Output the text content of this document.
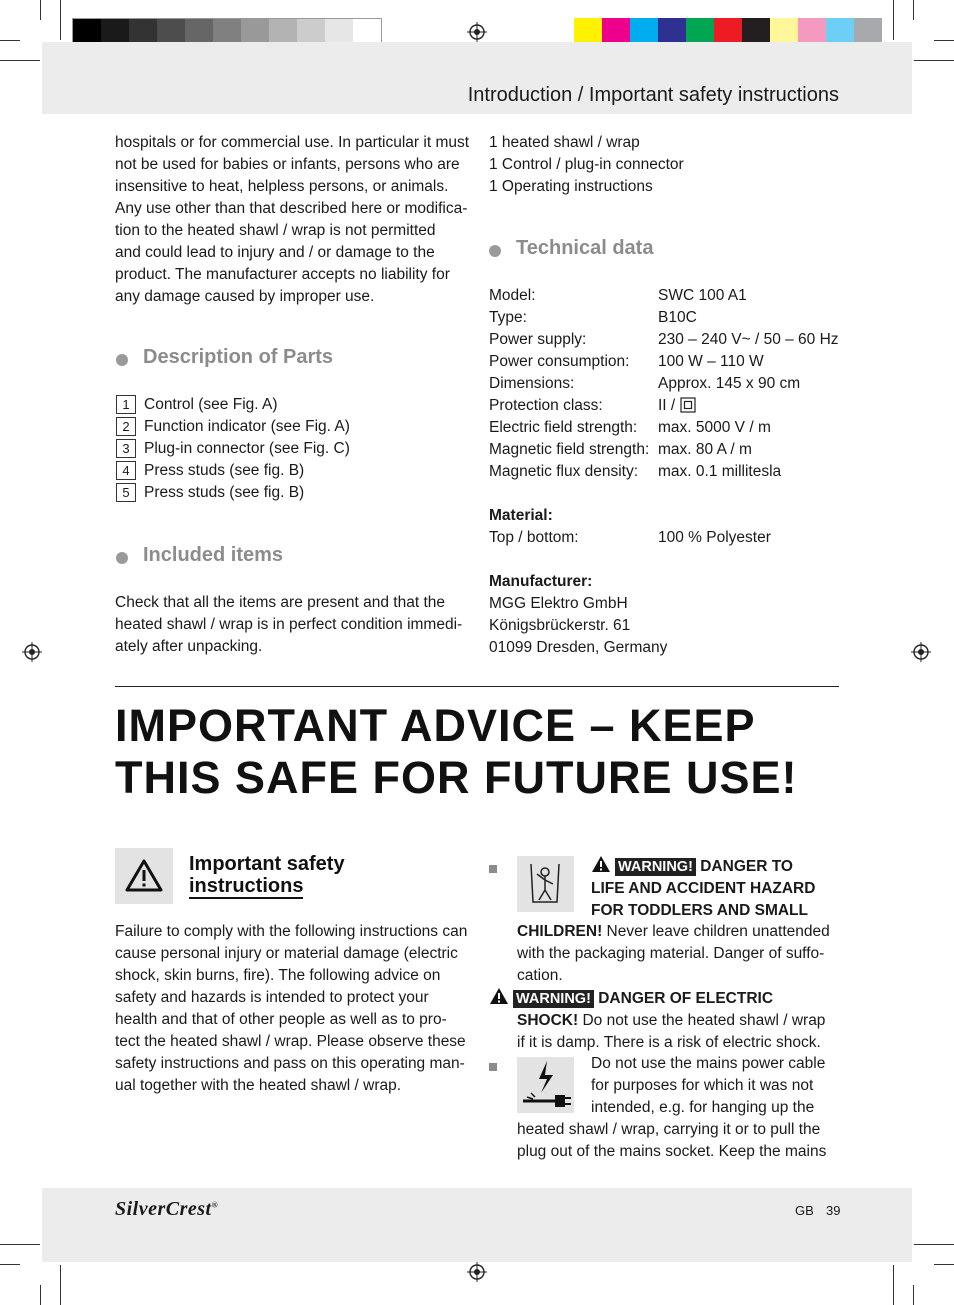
Introduction / Important safety instructions
hospitals or for commercial use. In particular it must
not be used for babies or infants, persons who are
insensitive to heat, helpless persons, or animals.
Any use other than that described here or modifica-
tion to the heated shawl / wrap is not permitted
and could lead to injury and / or damage to the
product. The manufacturer accepts no liability for
any damage caused by improper use.
Description of Parts
1 Control (see Fig. A)
2 Function indicator (see Fig. A)
3 Plug-in connector (see Fig. C)
4 Press studs (see fig. B)
5 Press studs (see fig. B)
Included items
Check that all the items are present and that the
heated shawl / wrap is in perfect condition immedi-
ately after unpacking.
1 heated shawl / wrap
1 Control / plug-in connector
1 Operating instructions
Technical data
Model:	SWC 100 A1
Type:	B10C
Power supply:	230 – 240 V~ / 50 – 60 Hz
Power consumption: 100 W – 110 W
Dimensions:	Approx. 145 x 90 cm
Protection class:	II /
Electric field strength: max. 5000 V / m
Magnetic field strength: max. 80 A / m
Magnetic flux density: max. 0.1 millitesla
Material:
Top / bottom:	100 % Polyester
Manufacturer:
MGG Elektro GmbH
Königsbrückerstr. 61
01099 Dresden, Germany
IMPORTANT ADVICE – KEEP
THIS SAFE FOR FUTURE USE!
Important safety
instructions
Failure to comply with the following instructions can
cause personal injury or material damage (electric
shock, skin burns, fire). The following advice on
safety and hazards is intended to protect your
health and that of other people as well as to pro-
tect the heated shawl / wrap. Please observe these
safety instructions and pass on this operating man-
ual together with the heated shawl / wrap.
WARNING! DANGER TO
LIFE AND ACCIDENT HAZARD
FOR TODDLERS AND SMALL
CHILDREN! Never leave children unattended
with the packaging material. Danger of suffo-
cation.
WARNING! DANGER OF ELECTRIC
SHOCK! Do not use the heated shawl / wrap
if it is damp. There is a risk of electric shock.
Do not use the mains power cable
for purposes for which it was not
intended, e.g. for hanging up the
heated shawl / wrap, carrying it or to pull the
plug out of the mains socket. Keep the mains
SilverCrest®	GB 39
